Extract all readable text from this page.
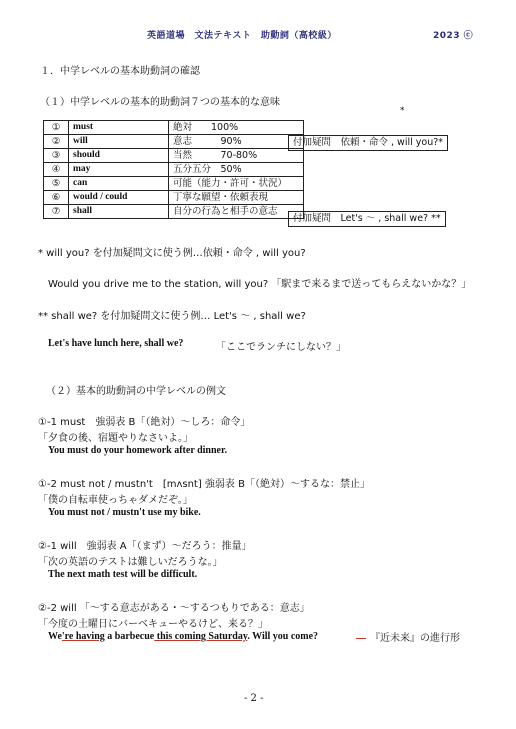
英語道場　文法テキスト　助動詞（高校級）	2023 ⓒ
１．中学レベルの基本助動詞の確認
（１）中学レベルの基本的助動詞７つの基本的な意味
*
①	must	絶対　　100%
②	will	意志　　　90%
③	should	当然　　　70-80%
④	may	五分五分　50%
⑤	can	可能（能力・許可・状況）
⑥	would / could	丁寧な願望・依頼表現
⑦	shall	自分の行為と相手の意志
付加疑問　依頼・命令 , will you?*
付加疑問　Let's 〜 , shall we? **
* will you? を付加疑問文に使う例…依頼・命令 , will you?
Would you drive me to the station, will you? 「駅まで来るまで送ってもらえないかな？」
** shall we? を付加疑問文に使う例… Let's 〜 , shall we?
Let's have lunch here, shall we?	「ここでランチにしない？」
（２）基本的助動詞の中学レベルの例文
①-1 must　強弱表 B「（絶対）〜しろ：命令」
「夕食の後、宿題やりなさいよ。」
You must do your homework after dinner.
①-2 must not / mustn't　[mʌsnt] 強弱表 B「（絶対）〜するな：禁止」
「僕の自転車使っちゃダメだぞ。」
You must not / mustn't use my bike.
②-1 will　強弱表 A「（まず）〜だろう：推量」
「次の英語のテストは難しいだろうな。」
The next math test will be difficult.
②-2 will 「〜する意志がある・〜するつもりである：意志」
「今度の土曜日にバーベキューやるけど、来る？」
We're having a barbecue this coming Saturday. Will you come?	『近未来』の進行形
- 2 -
